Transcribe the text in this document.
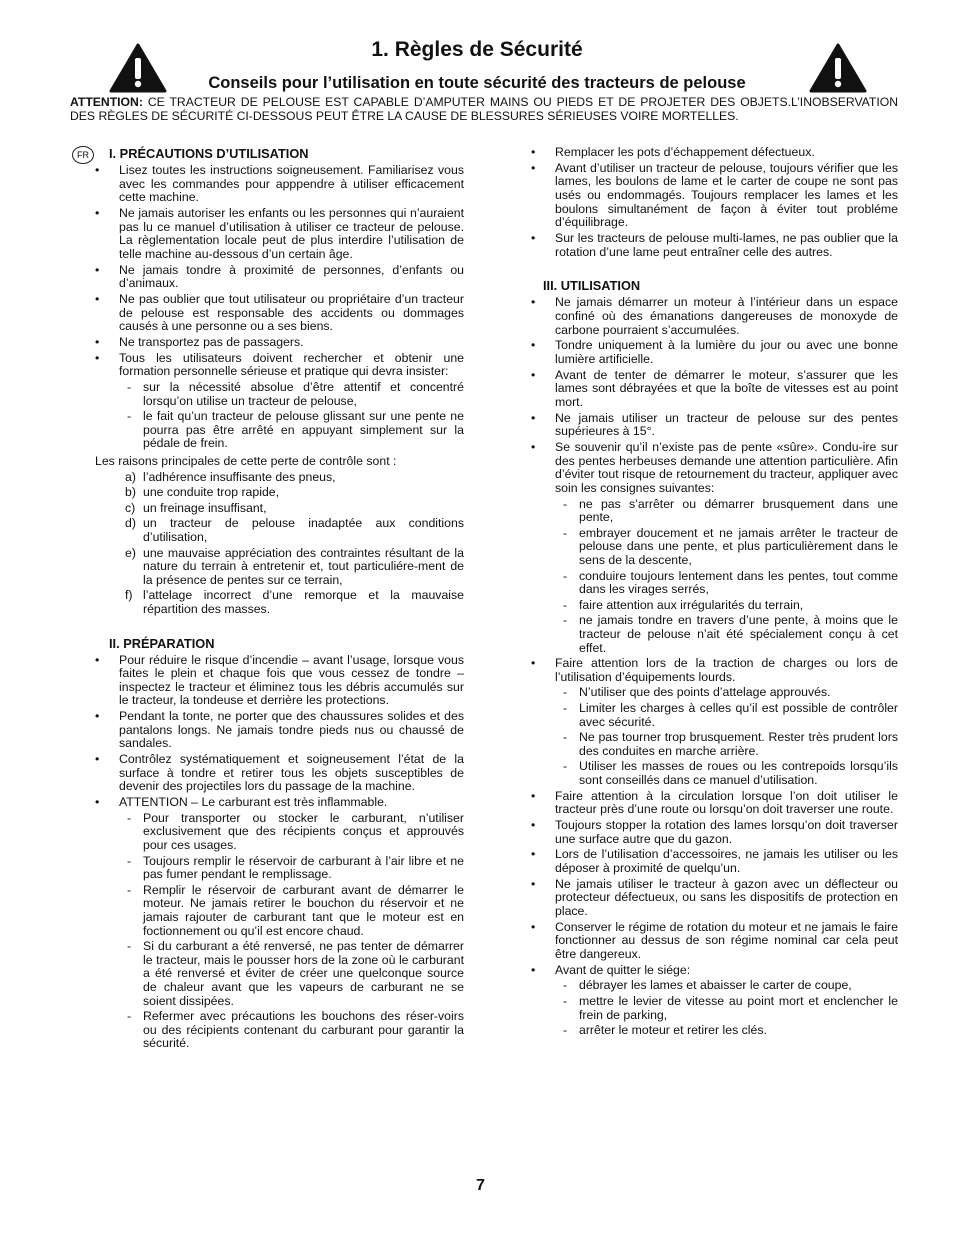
1. Règles de Sécurité
Conseils pour l’utilisation en toute sécurité des tracteurs de pelouse

ATTENTION: CE TRACTEUR DE PELOUSE EST CAPABLE D’AMPUTER MAINS OU PIEDS ET DE PROJETER DES OBJETS.L’INOBSERVATION DES RÈGLES DE SÉCURITÉ CI-DESSOUS PEUT ÊTRE LA CAUSE DE BLESSURES SÉRIEUSES VOIRE MORTELLES.

FR	I. PRÉCAUTIONS D’UTILISATION
• Lisez toutes les instructions soigneusement. Familiarisez vous avec les commandes pour apppendre à utiliser efficacement cette machine.
• Ne jamais autoriser les enfants ou les personnes qui n’auraient pas lu ce manuel d’utilisation à utiliser ce tracteur de pelouse. La règlementation locale peut de plus interdire l’utilisation de telle machine au-dessous d’un certain âge.
• Ne jamais tondre à proximité de personnes, d’enfants ou d’animaux.
• Ne pas oublier que tout utilisateur ou propriétaire d’un tracteur de pelouse est responsable des accidents ou dommages causés à une personne ou a ses biens.
• Ne transportez pas de passagers.
• Tous les utilisateurs doivent rechercher et obtenir une formation personnelle sérieuse et pratique qui devra insister:
- sur la nécessité absolue d’être attentif et concentré lorsqu’on utilise un tracteur de pelouse,
- le fait qu’un tracteur de pelouse glissant sur une pente ne pourra pas être arrêté en appuyant simplement sur la pédale de frein.

Les raisons principales de cette perte de contrôle sont :

a) l’adhérence insuffisante des pneus,
b) une conduite trop rapide,
c) un freinage insuffisant,
d) un tracteur de pelouse inadaptée aux conditions d’utilisation,
e) une mauvaise appréciation des contraintes résultant de la nature du terrain à entretenir et, tout particuliére-ment de la présence de pentes sur ce terrain,
f) l’attelage incorrect d’une remorque et la mauvaise répartition des masses.
II. PRÉPARATION
• Pour réduire le risque d’incendie – avant l’usage, lorsque vous faites le plein et chaque fois que vous cessez de tondre – inspectez le tracteur et éliminez tous les débris accumulés sur le tracteur, la tondeuse et derrière les protections.
• Pendant la tonte, ne porter que des chaussures solides et des pantalons longs. Ne jamais tondre pieds nus ou chaussé de sandales.
• Contrôlez systématiquement et soigneusement l’état de la surface à tondre et retirer tous les objets susceptibles de devenir des projectiles lors du passage de la machine.
• ATTENTION – Le carburant est très inflammable.
- Pour transporter ou stocker le carburant, n’utiliser exclusivement que des récipients conçus et approuvés pour ces usages.
- Toujours remplir le réservoir de carburant à l’air libre et ne pas fumer pendant le remplissage.
- Remplir le réservoir de carburant avant de démarrer le moteur. Ne jamais retirer le bouchon du réservoir et ne jamais rajouter de carburant tant que le moteur est en foctionnement ou qu’il est encore chaud.
- Si du carburant a été renversé, ne pas tenter de démarrer le tracteur, mais le pousser hors de la zone où le carburant a été renversé et éviter de créer une quelconque source de chaleur avant que les vapeurs de carburant ne se soient dissipées.
- Refermer avec précautions les bouchons des réser-voirs ou des récipients contenant du carburant pour garantir la sécurité.
• Remplacer les pots d’échappement défectueux.
• Avant d’utiliser un tracteur de pelouse, toujours vérifier que les lames, les boulons de lame et le carter de coupe ne sont pas usés ou endommagés. Toujours remplacer les lames et les boulons simultanément de façon à éviter tout probléme d’équilibrage.
• Sur les tracteurs de pelouse multi-lames, ne pas oublier que la rotation d’une lame peut entraîner celle des autres.
III. UTILISATION
• Ne jamais démarrer un moteur à l’intérieur dans un espace confiné où des émanations dangereuses de monoxyde de carbone pourraient s’accumulées.
• Tondre uniquement à la lumière du jour ou avec une bonne lumière artificielle.
• Avant de tenter de démarrer le moteur, s’assurer que les lames sont débrayées et que la boîte de vitesses est au point mort.
• Ne jamais utiliser un tracteur de pelouse sur des pentes supérieures à 15°.
• Se souvenir qu’il n’existe pas de pente «sûre». Condu-ire sur des pentes herbeuses demande une attention particulière. Afin d’éviter tout risque de retournement du tracteur, appliquer avec soin les consignes suivantes:
- ne pas s’arrêter ou démarrer brusquement dans une pente,
- embrayer doucement et ne jamais arrêter le tracteur de pelouse dans une pente, et plus particulièrement dans le sens de la descente,
- conduire toujours lentement dans les pentes, tout comme dans les virages serrés,
- faire attention aux irrégularités du terrain,
- ne jamais tondre en travers d’une pente, à moins que le tracteur de pelouse n’ait été spécialement conçu à cet effet.
• Faire attention lors de la traction de charges ou lors de l’utilisation d’équipements lourds.
- N’utiliser que des points d’attelage approuvés.
- Limiter les charges à celles qu’il est possible de contrôler avec sécurité.
- Ne pas tourner trop brusquement. Rester très prudent lors des conduites en marche arrière.
- Utiliser les masses de roues ou les contrepoids lorsqu’ils sont conseillés dans ce manuel d’utilisation.
• Faire attention à la circulation lorsque l’on doit utiliser le tracteur près d’une route ou lorsqu’on doit traverser une route.
• Toujours stopper la rotation des lames lorsqu’on doit traverser une surface autre que du gazon.
• Lors de l’utilisation d’accessoires, ne jamais les utiliser ou les déposer à proximité de quelqu’un.
• Ne jamais utiliser le tracteur à gazon avec un déflecteur ou protecteur défectueux, ou sans les dispositifs de protection en place.
• Conserver le régime de rotation du moteur et ne jamais le faire fonctionner au dessus de son régime nominal car cela peut être dangereux.
• Avant de quitter le siége:
- débrayer les lames et abaisser le carter de coupe,
- mettre le levier de vitesse au point mort et enclencher le frein de parking,
- arrêter le moteur et retirer les clés.
7
